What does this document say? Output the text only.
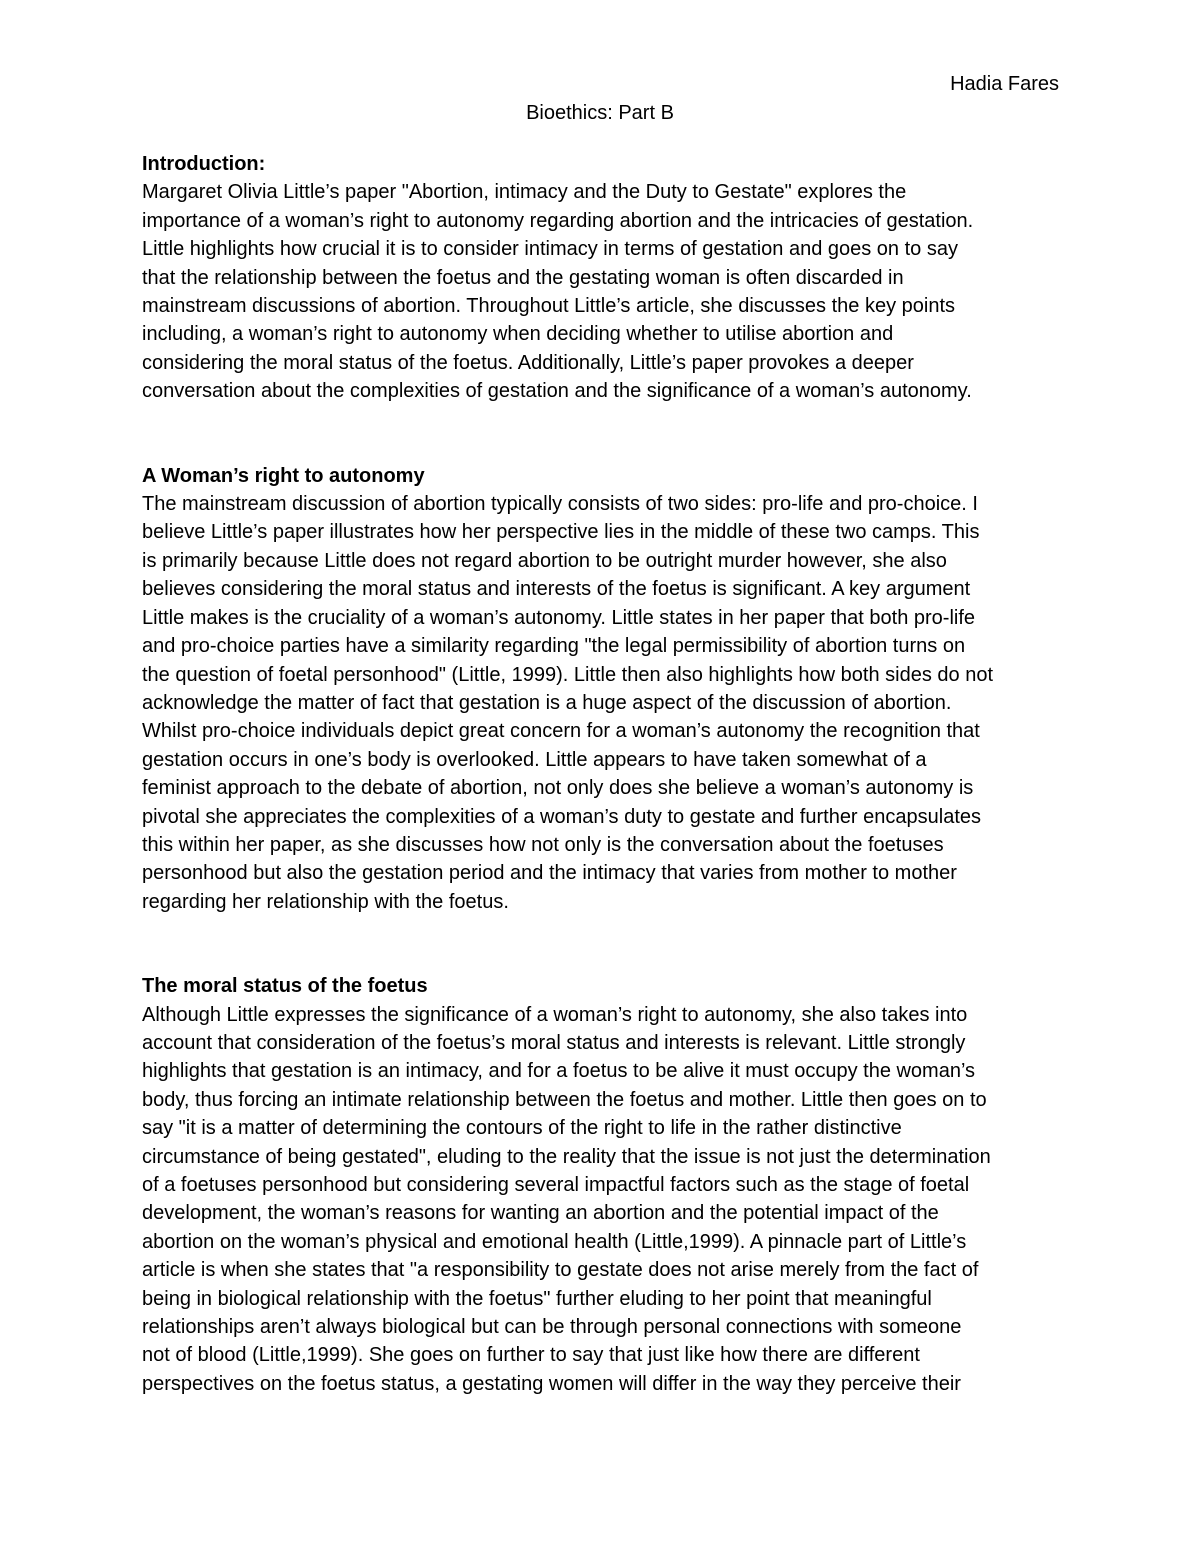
Hadia Fares
Bioethics: Part B
Introduction:
Margaret Olivia Little’s paper "Abortion, intimacy and the Duty to Gestate" explores the
importance of a woman’s right to autonomy regarding abortion and the intricacies of gestation.
Little highlights how crucial it is to consider intimacy in terms of gestation and goes on to say
that the relationship between the foetus and the gestating woman is often discarded in
mainstream discussions of abortion. Throughout Little’s article, she discusses the key points
including, a woman’s right to autonomy when deciding whether to utilise abortion and
considering the moral status of the foetus. Additionally, Little’s paper provokes a deeper
conversation about the complexities of gestation and the significance of a woman’s autonomy.
A Woman’s right to autonomy
The mainstream discussion of abortion typically consists of two sides: pro-life and pro-choice. I
believe Little’s paper illustrates how her perspective lies in the middle of these two camps. This
is primarily because Little does not regard abortion to be outright murder however, she also
believes considering the moral status and interests of the foetus is significant. A key argument
Little makes is the cruciality of a woman’s autonomy. Little states in her paper that both pro-life
and pro-choice parties have a similarity regarding "the legal permissibility of abortion turns on
the question of foetal personhood" (Little, 1999). Little then also highlights how both sides do not
acknowledge the matter of fact that gestation is a huge aspect of the discussion of abortion.
Whilst pro-choice individuals depict great concern for a woman’s autonomy the recognition that
gestation occurs in one’s body is overlooked. Little appears to have taken somewhat of a
feminist approach to the debate of abortion, not only does she believe a woman’s autonomy is
pivotal she appreciates the complexities of a woman’s duty to gestate and further encapsulates
this within her paper, as she discusses how not only is the conversation about the foetuses
personhood but also the gestation period and the intimacy that varies from mother to mother
regarding her relationship with the foetus.
The moral status of the foetus
Although Little expresses the significance of a woman’s right to autonomy, she also takes into
account that consideration of the foetus’s moral status and interests is relevant. Little strongly
highlights that gestation is an intimacy, and for a foetus to be alive it must occupy the woman’s
body, thus forcing an intimate relationship between the foetus and mother. Little then goes on to
say "it is a matter of determining the contours of the right to life in the rather distinctive
circumstance of being gestated", eluding to the reality that the issue is not just the determination
of a foetuses personhood but considering several impactful factors such as the stage of foetal
development, the woman’s reasons for wanting an abortion and the potential impact of the
abortion on the woman’s physical and emotional health (Little,1999). A pinnacle part of Little’s
article is when she states that "a responsibility to gestate does not arise merely from the fact of
being in biological relationship with the foetus" further eluding to her point that meaningful
relationships aren’t always biological but can be through personal connections with someone
not of blood (Little,1999). She goes on further to say that just like how there are different
perspectives on the foetus status, a gestating women will differ in the way they perceive their
